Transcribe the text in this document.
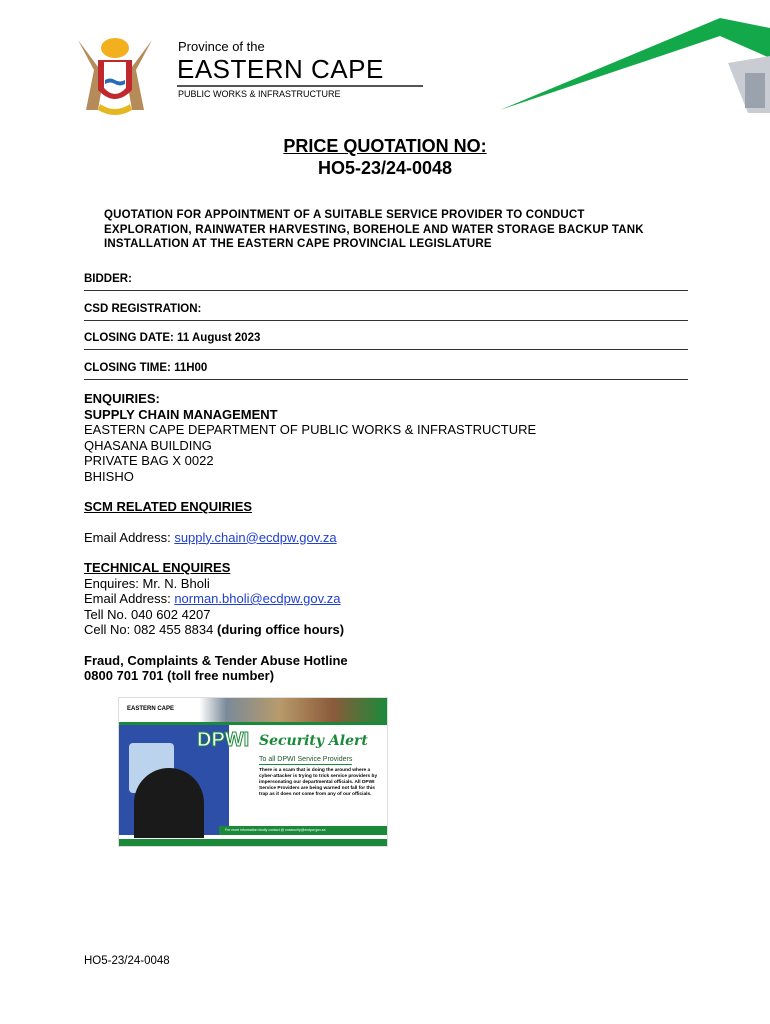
Province of the
EASTERN CAPE
PUBLIC WORKS & INFRASTRUCTURE
PRICE QUOTATION NO:
HO5-23/24-0048
QUOTATION FOR APPOINTMENT OF A SUITABLE SERVICE PROVIDER TO CONDUCT EXPLORATION, RAINWATER HARVESTING, BOREHOLE AND WATER STORAGE BACKUP TANK INSTALLATION AT THE EASTERN CAPE PROVINCIAL LEGISLATURE
BIDDER:
CSD REGISTRATION:
CLOSING DATE: 11 August 2023
CLOSING TIME: 11H00
ENQUIRIES:
SUPPLY CHAIN MANAGEMENT
EASTERN CAPE DEPARTMENT OF PUBLIC WORKS & INFRASTRUCTURE
QHASANA BUILDING
PRIVATE BAG X 0022
BHISHO
SCM RELATED ENQUIRIES
Email Address: supply.chain@ecdpw.gov.za
TECHNICAL ENQUIRES
Enquires: Mr. N. Bholi
Email Address: norman.bholi@ecdpw.gov.za
Tell No. 040 602 4207
Cell No: 082 455 8834 (during office hours)
Fraud, Complaints & Tender Abuse Hotline
0800 701 701 (toll free number)
EASTERN CAPE
DPWI Security Alert
To all DPWI Service Providers
There is a scam that is doing the around where a cyber-attacker is trying to trick service providers by impersonating our departmental officials. All DPWI Service Providers are being warned not fall for this trap as it does not come from any of our officials.
For more information kindly contact @ cnsecurity@ecdpw.gov.za
HO5-23/24-0048
